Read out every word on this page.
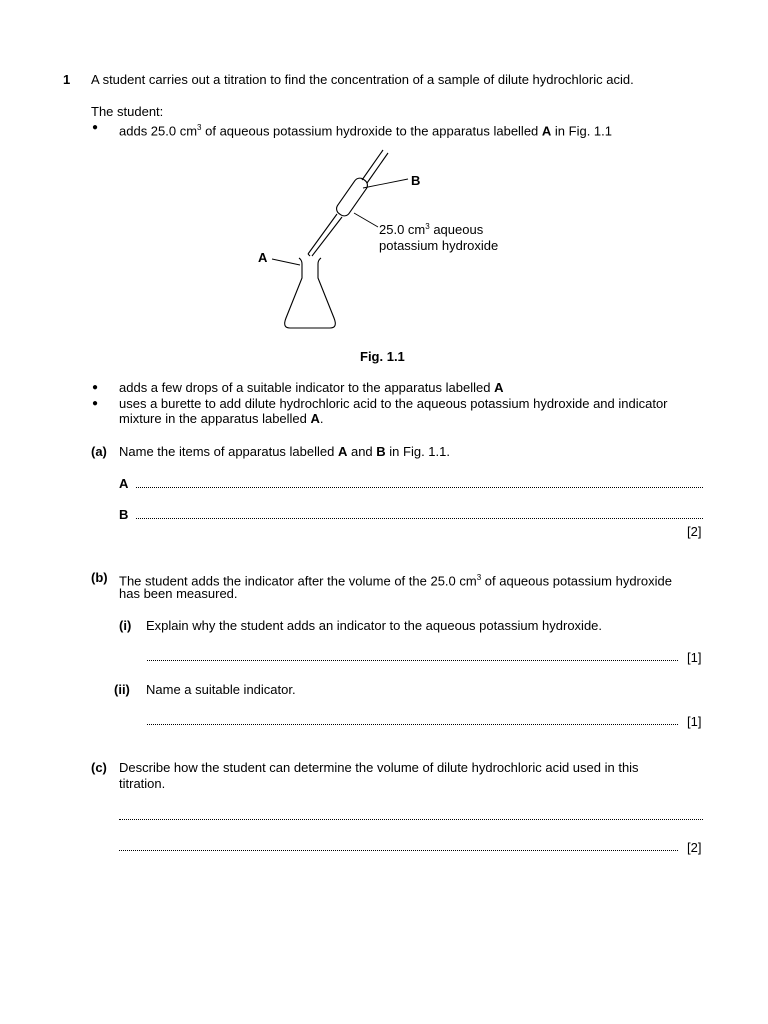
1 A student carries out a titration to find the concentration of a sample of dilute hydrochloric acid.
The student:
● adds 25.0 $cm^3$ of aqueous potassium hydroxide to the apparatus labelled A in Fig. 1.1
B
A
25.0 $cm^3$ aqueous
potassium hydroxide
Fig. 1.1
● adds a few drops of a suitable indicator to the apparatus labelled A
● uses a burette to add dilute hydrochloric acid to the aqueous potassium hydroxide and indicator
mixture in the apparatus labelled A.
(a) Name the items of apparatus labelled A and B in Fig. 1.1.
A
B
[2]
(b) The student adds the indicator after the volume of the 25.0 $cm^3$ of aqueous potassium hydroxide
has been measured.
(i) Explain why the student adds an indicator to the aqueous potassium hydroxide.
[1]
(ii) Name a suitable indicator.
[1]
(c) Describe how the student can determine the volume of dilute hydrochloric acid used in this
titration.
[2]
